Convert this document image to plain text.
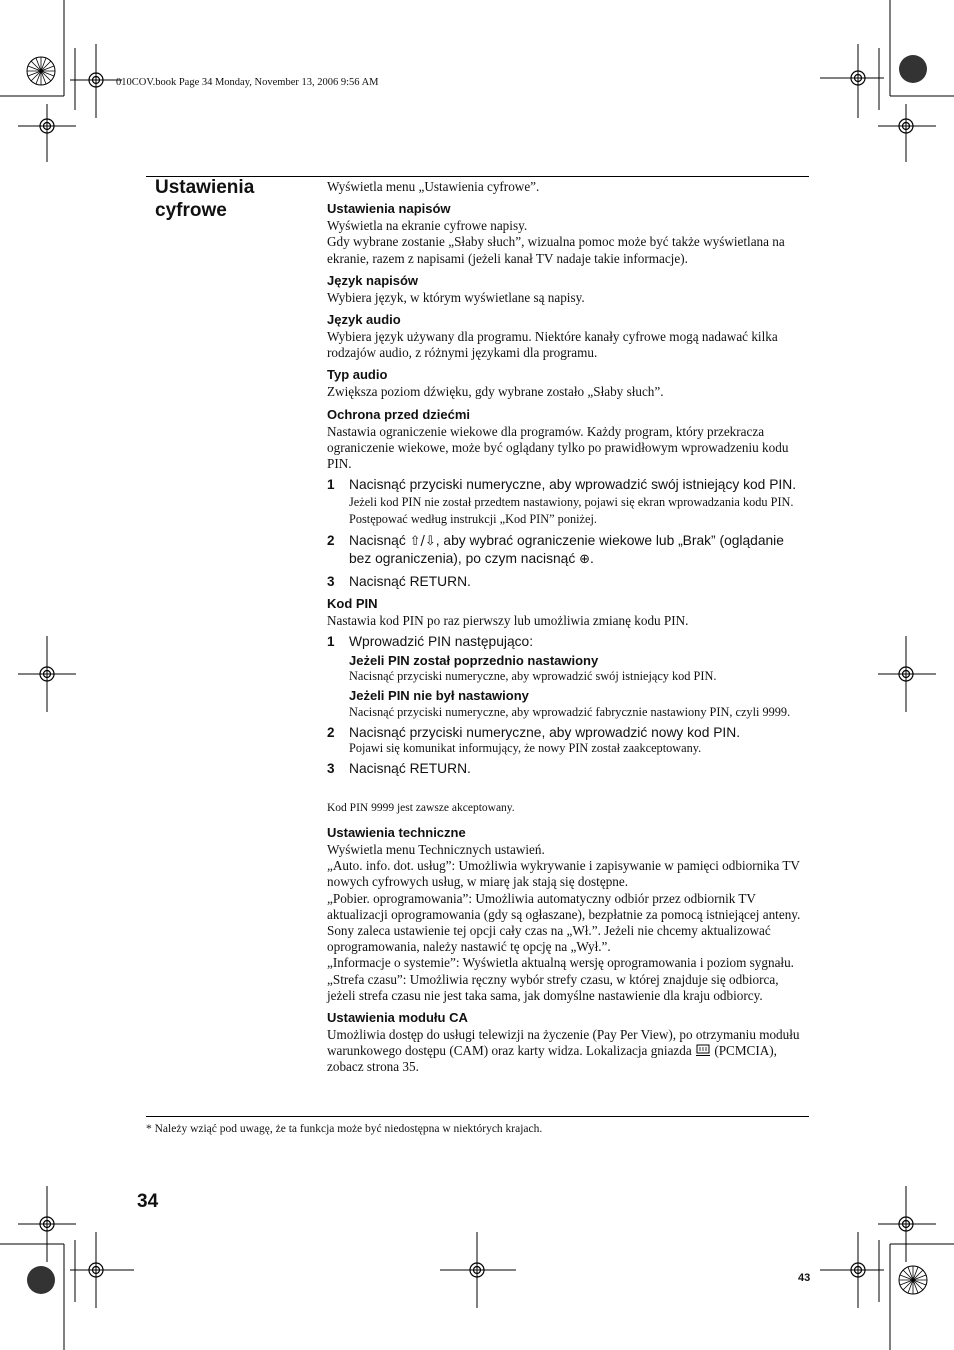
010COV.book Page 34 Monday, November 13, 2006 9:56 AM
Ustawienia cyfrowe

Wyświetla menu „Ustawienia cyfrowe”.

Ustawienia napisów

Wyświetla na ekranie cyfrowe napisy.

Gdy wybrane zostanie „Słaby słuch”, wizualna pomoc może być także wyświetlana na ekranie, razem z napisami (jeżeli kanał TV nadaje takie informacje).

Język napisów

Wybiera język, w którym wyświetlane są napisy.

Język audio

Wybiera język używany dla programu. Niektóre kanały cyfrowe mogą nadawać kilka rodzajów audio, z różnymi językami dla programu.

Typ audio

Zwiększa poziom dźwięku, gdy wybrane zostało „Słaby słuch”.

Ochrona przed dziećmi

Nastawia ograniczenie wiekowe dla programów. Każdy program, który przekracza ograniczenie wiekowe, może być oglądany tylko po prawidłowym wprowadzeniu kodu PIN.

1	Nacisnąć przyciski numeryczne, aby wprowadzić swój istniejący kod PIN.
Jeżeli kod PIN nie został przedtem nastawiony, pojawi się ekran wprowadzania kodu PIN. Postępować według instrukcji „Kod PIN” poniżej.
2	Nacisnąć ⇧/⇩, aby wybrać ograniczenie wiekowe lub „Brak” (oglądanie bez ograniczenia), po czym nacisnąć ⊕.
3	Nacisnąć RETURN.
Kod PIN

Nastawia kod PIN po raz pierwszy lub umożliwia zmianę kodu PIN.

1	Wprowadzić PIN następująco:
Jeżeli PIN został poprzednio nastawiony
Nacisnąć przyciski numeryczne, aby wprowadzić swój istniejący kod PIN.
Jeżeli PIN nie był nastawiony
Nacisnąć przyciski numeryczne, aby wprowadzić fabrycznie nastawiony PIN, czyli 9999.
2	Nacisnąć przyciski numeryczne, aby wprowadzić nowy kod PIN.
Pojawi się komunikat informujący, że nowy PIN został zaakceptowany.
3	Nacisnąć RETURN.
Kod PIN 9999 jest zawsze akceptowany.
Ustawienia techniczne

Wyświetla menu Technicznych ustawień.

„Auto. info. dot. usług”: Umożliwia wykrywanie i zapisywanie w pamięci odbiornika TV nowych cyfrowych usług, w miarę jak stają się dostępne.

„Pobier. oprogramowania”: Umożliwia automatyczny odbiór przez odbiornik TV aktualizacji oprogramowania (gdy są ogłaszane), bezpłatnie za pomocą istniejącej anteny. Sony zaleca ustawienie tej opcji cały czas na „Wł.”. Jeżeli nie chcemy aktualizować oprogramowania, należy nastawić tę opcję na „Wył.”.

„Informacje o systemie”: Wyświetla aktualną wersję oprogramowania i poziom sygnału.

„Strefa czasu”: Umożliwia ręczny wybór strefy czasu, w której znajduje się odbiorca, jeżeli strefa czasu nie jest taka sama, jak domyślne nastawienie dla kraju odbiorcy.

Ustawienia modułu CA

Umożliwia dostęp do usługi telewizji na życzenie (Pay Per View), po otrzymaniu modułu warunkowego dostępu (CAM) oraz karty widza. Lokalizacja gniazda  (PCMCIA), zobacz strona 35.

* Należy wziąć pod uwagę, że ta funkcja może być niedostępna w niektórych krajach.
34
43
